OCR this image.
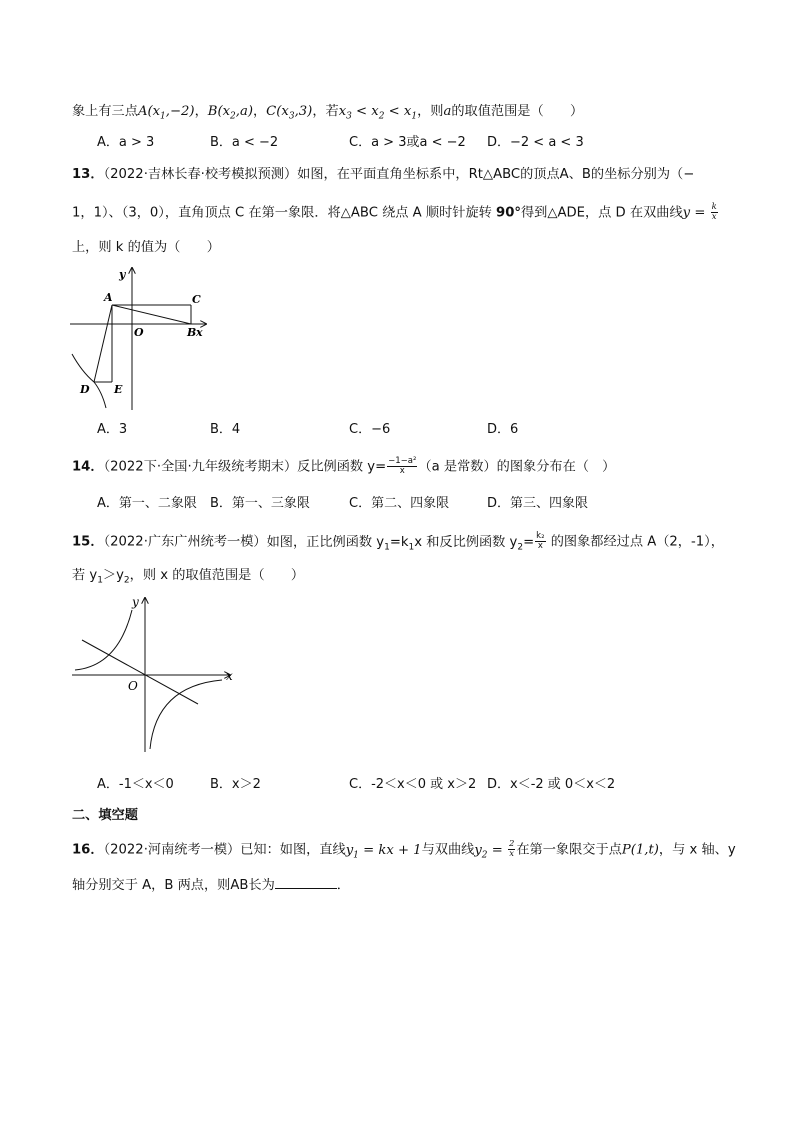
象上有三点$A(x_1,-2)$，$B(x_2,a)$，$C(x_3,3)$，若$x_3 < x_2 < x_1$，则a的取值范围是（　　）
A．a > 3	B．a < −2	C．a > 3或a < −2 D．−2 < a < 3
13．（2022·吉林长春·校考模拟预测）如图，在平面直角坐标系中，Rt△ABC的顶点A、B的坐标分别为（−
1，1）、（3，0），直角顶点 C 在第一象限．将△ABC 绕点 A 顺时针旋转 90°得到△ADE，点 D 在双曲线$y = \frac{k}{x}$
上，则 k 的值为（　　）
y
x
O
A	C
B
D E
A．3	B．4	C．−6	D．6
14．（2022下·全国·九年级统考期末）反比例函数 $y= \frac{\text{−1−a²}}{x} (a$ 是常数）的图象分布在（　）
A．第一、二象限 B．第一、三象限	C．第二、四象限	D．第三、四象限
15．（2022·广东广州统考一模）如图，正比例函数 $y_1=k_1x$ 和反比例函数 $y_2= \frac{\text{k₂}}{x}$ 的图象都经过点 A（2，-1），
若 $y_1>y_2$，则 x 的取值范围是（　　）
y
x
O
A．-1＜x＜0	B．x＞2	C．-2＜x＜0 或 x＞2 D．x＜-2 或 0＜x＜2
二、填空题
16．（2022·河南统考一模）已知：如图，直线$y_1$ = kx + 1与双曲线$y_2 = \frac{2}{x}$ 在第一象限交于点P(1,t)，与 x 轴、y
轴分别交于 A，B 两点，则AB长为	．
